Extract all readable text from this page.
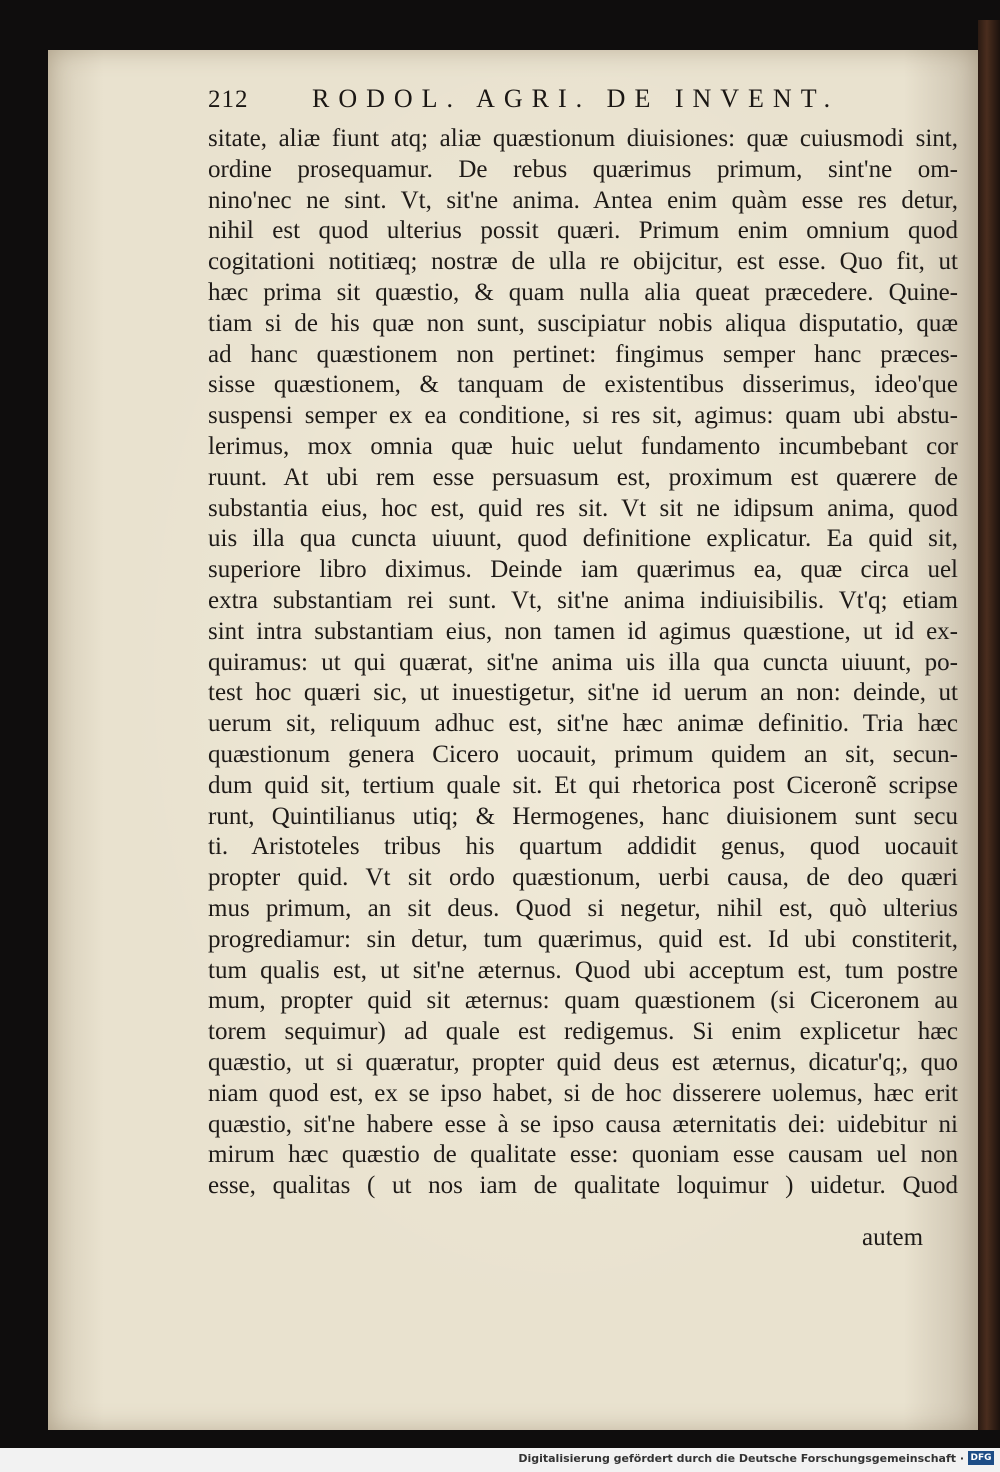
212	RODOL. AGRI. DE INVENT.
sitate, aliæ fiunt atq; aliæ quæstionum diuisiones: quæ cuiusmodi sint,
ordine prosequamur. De rebus quærimus primum, sint'ne om-
nino'nec ne sint. Vt, sit'ne anima. Antea enim quàm esse res detur,
nihil est quod ulterius possit quæri. Primum enim omnium quod
cogitationi notitiæq; nostræ de ulla re obijcitur, est esse. Quo fit, ut
hæc prima sit quæstio, & quam nulla alia queat præcedere. Quine-
tiam si de his quæ non sunt, suscipiatur nobis aliqua disputatio, quæ
ad hanc quæstionem non pertinet: fingimus semper hanc præces-
sisse quæstionem, & tanquam de existentibus disserimus, ideo'que
suspensi semper ex ea conditione, si res sit, agimus: quam ubi abstu-
lerimus, mox omnia quæ huic uelut fundamento incumbebant cor
ruunt. At ubi rem esse persuasum est, proximum est quærere de
substantia eius, hoc est, quid res sit. Vt sit ne idipsum anima, quod
uis illa qua cuncta uiuunt, quod definitione explicatur. Ea quid sit,
superiore libro diximus. Deinde iam quærimus ea, quæ circa uel
extra substantiam rei sunt. Vt, sit'ne anima indiuisibilis. Vt'q; etiam
sint intra substantiam eius, non tamen id agimus quæstione, ut id ex-
quiramus: ut qui quærat, sit'ne anima uis illa qua cuncta uiuunt, po-
test hoc quæri sic, ut inuestigetur, sit'ne id uerum an non: deinde, ut
uerum sit, reliquum adhuc est, sit'ne hæc animæ definitio. Tria hæc
quæstionum genera Cicero uocauit, primum quidem an sit, secun-
dum quid sit, tertium quale sit. Et qui rhetorica post Ciceronẽ scripse
runt, Quintilianus utiq; & Hermogenes, hanc diuisionem sunt secu
ti. Aristoteles tribus his quartum addidit genus, quod uocauit
propter quid. Vt sit ordo quæstionum, uerbi causa, de deo quæri
mus primum, an sit deus. Quod si negetur, nihil est, quò ulterius
progrediamur: sin detur, tum quærimus, quid est. Id ubi constiterit,
tum qualis est, ut sit'ne æternus. Quod ubi acceptum est, tum postre
mum, propter quid sit æternus: quam quæstionem (si Ciceronem au
torem sequimur) ad quale est redigemus. Si enim explicetur hæc
quæstio, ut si quæratur, propter quid deus est æternus, dicatur'q;, quo
niam quod est, ex se ipso habet, si de hoc disserere uolemus, hæc erit
quæstio, sit'ne habere esse à se ipso causa æternitatis dei: uidebitur ni
mirum hæc quæstio de qualitate esse: quoniam esse causam uel non
esse, qualitas ( ut nos iam de qualitate loquimur ) uidetur. Quod
autem
Digitalisierung gefördert durch die Deutsche Forschungsgemeinschaft · DFG
